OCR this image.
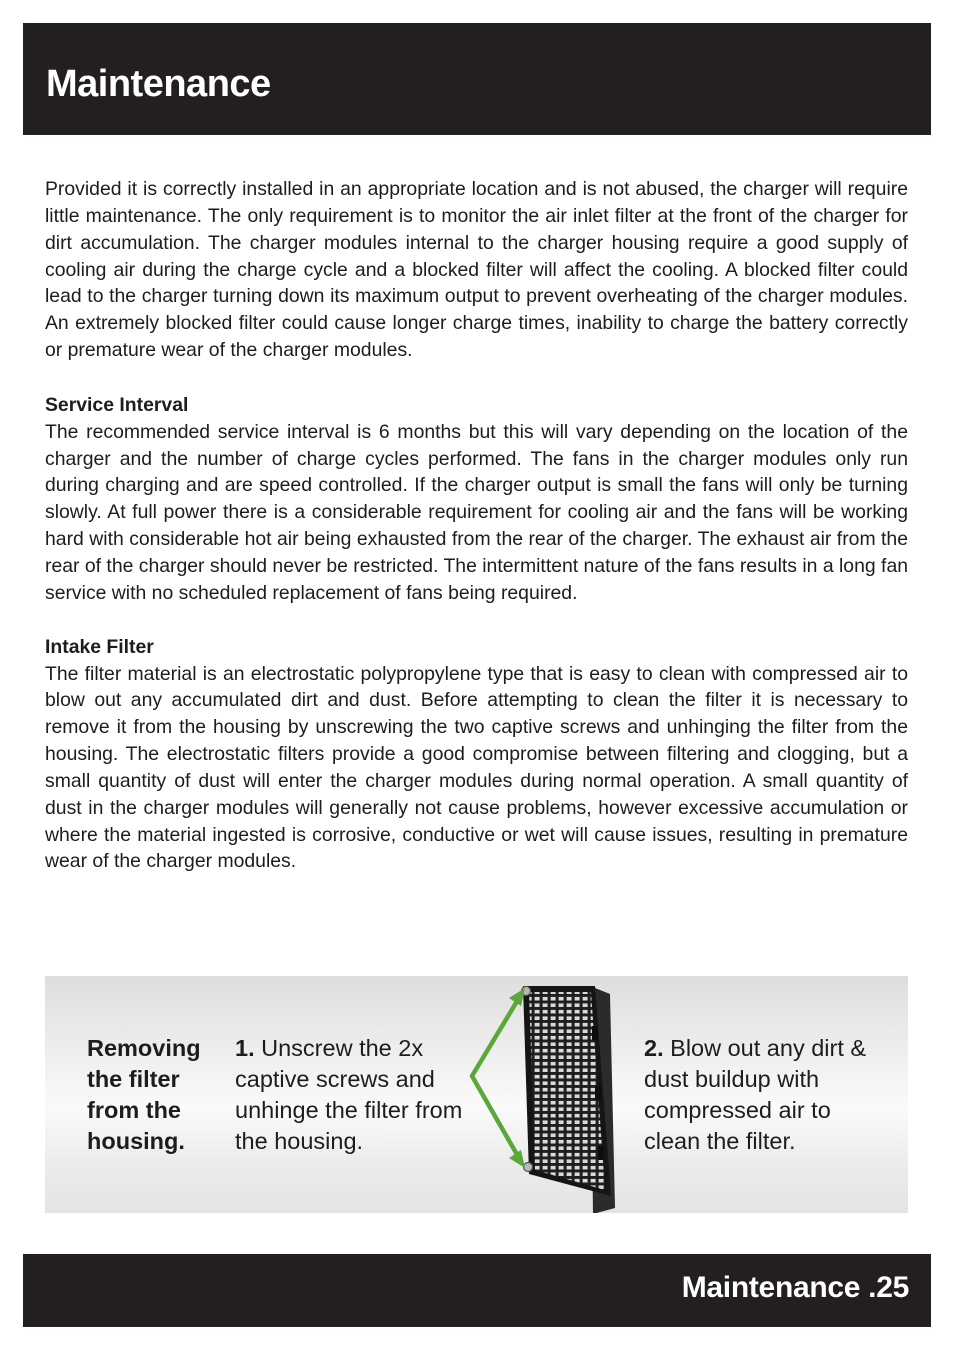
Maintenance

Provided it is correctly installed in an appropriate location and is not abused, the charger will require little maintenance. The only requirement is to monitor the air inlet filter at the front of the charger for dirt accumulation. The charger modules internal to the charger housing require a good supply of cooling air during the charge cycle and a blocked filter will affect the cooling. A blocked filter could lead to the charger turning down its maximum output to prevent overheating of the charger modules. An extremely blocked filter could cause longer charge times, inability to charge the battery correctly or premature wear of the charger modules.

Service Interval

The recommended service interval is 6 months but this will vary depending on the location of the charger and the number of charge cycles performed. The fans in the charger modules only run during charging and are speed controlled. If the charger output is small the fans will only be turning slowly. At full power there is a considerable requirement for cooling air and the fans will be working hard with considerable hot air being exhausted from the rear of the charger. The exhaust air from the rear of the charger should never be restricted. The intermittent nature of the fans results in a long fan service with no scheduled replacement of fans being required.

Intake Filter

The filter material is an electrostatic polypropylene type that is easy to clean with compressed air to blow out any accumulated dirt and dust. Before attempting to clean the filter it is necessary to remove it from the housing by unscrewing the two captive screws and unhinging the filter from the housing. The electrostatic filters provide a good compromise between filtering and clogging, but a small quantity of dust will enter the charger modules during normal operation. A small quantity of dust in the charger modules will generally not cause problems, however excessive accumulation or where the material ingested is corrosive, conductive or wet will cause issues, resulting in premature wear of the charger modules.

Removing the filter from the housing.

1. Unscrew the 2x captive screws and unhinge the filter from the housing.

2. Blow out any dirt & dust buildup with compressed air to clean the filter.

Maintenance .25
